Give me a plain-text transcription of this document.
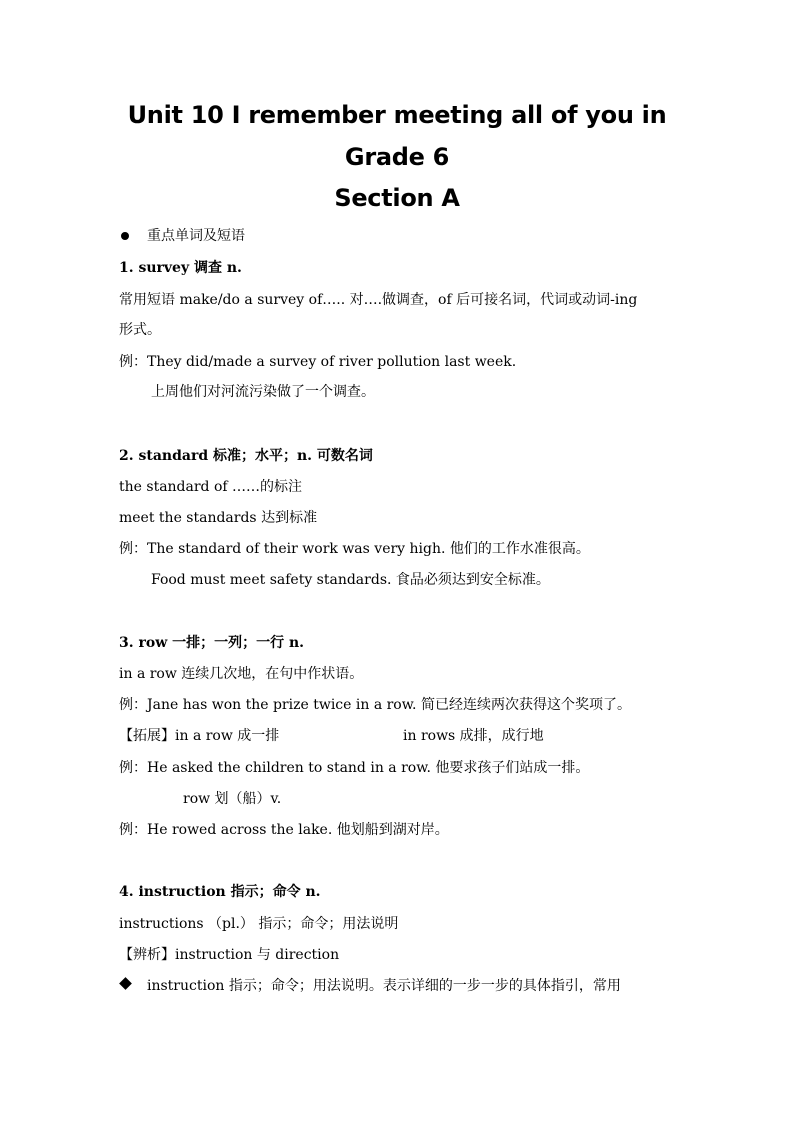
Unit 10 I remember meeting all of you in
Grade 6
Section A
重点单词及短语
1. survey 调查 n.
常用短语 make/do a survey of….. 对….做调查，of 后可接名词，代词或动词-ing
形式。
例：They did/made a survey of river pollution last week.
上周他们对河流污染做了一个调查。
2. standard 标准；水平；n. 可数名词
the standard of ……的标注
meet the standards 达到标准
例：The standard of their work was very high. 他们的工作水准很高。
Food must meet safety standards. 食品必须达到安全标准。
3. row 一排；一列；一行 n.
in a row 连续几次地，在句中作状语。
例：Jane has won the prize twice in a row. 简已经连续两次获得这个奖项了。
【拓展】in a row 成一排	in rows 成排，成行地
例：He asked the children to stand in a row. 他要求孩子们站成一排。
row 划（船）v.
例：He rowed across the lake. 他划船到湖对岸。
4. instruction 指示；命令 n.
instructions （pl.） 指示；命令；用法说明
【辨析】instruction 与 direction
instruction 指示；命令；用法说明。表示详细的一步一步的具体指引，常用
